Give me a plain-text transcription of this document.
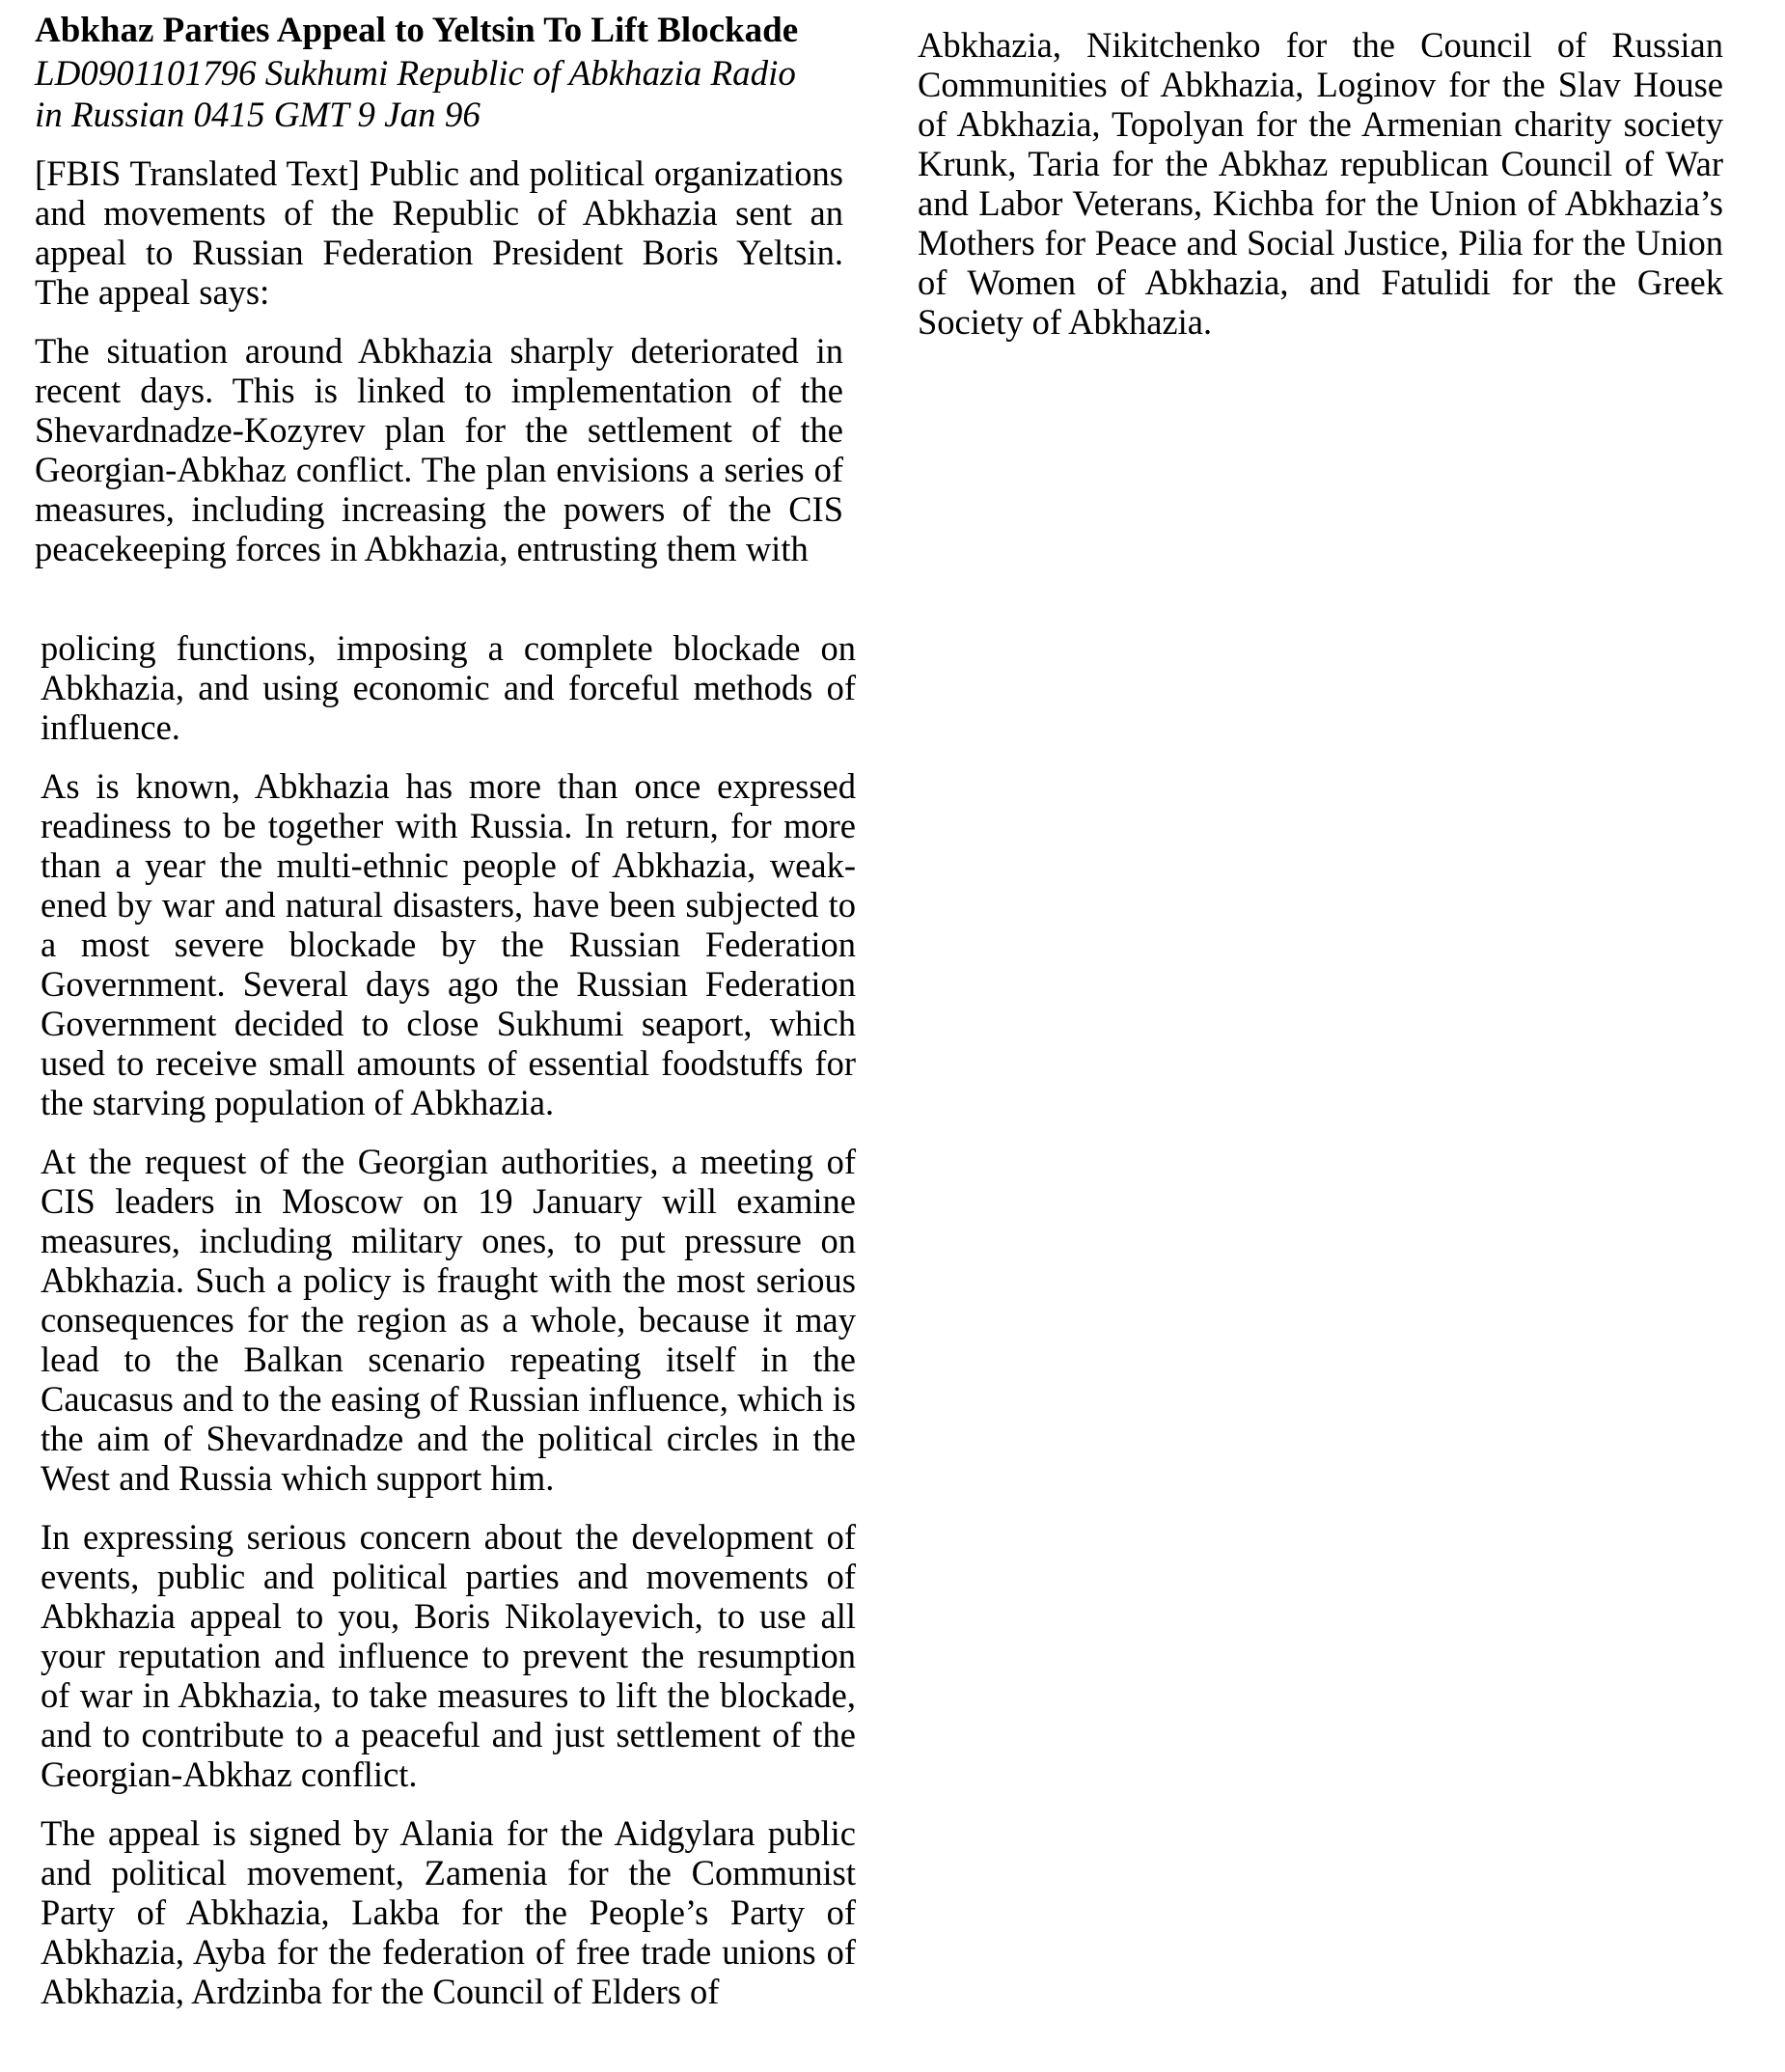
Abkhaz Parties Appeal to Yeltsin To Lift Blockade
LD0901101796 Sukhumi Republic of Abkhazia Radio
in Russian 0415 GMT 9 Jan 96

[FBIS Translated Text] Public and political organizations and movements of the Republic of Abkhazia sent an appeal to Russian Federation President Boris Yeltsin. The appeal says:

The situation around Abkhazia sharply deteriorated in recent days. This is linked to implementation of the Shevardnadze-Kozyrev plan for the settlement of the Georgian-Abkhaz conflict. The plan envisions a series of measures, including increasing the powers of the CIS peacekeeping forces in Abkhazia, entrusting them with

policing functions, imposing a complete blockade on Abkhazia, and using economic and forceful methods of influence.

As is known, Abkhazia has more than once expressed readiness to be together with Russia. In return, for more than a year the multi-ethnic people of Abkhazia, weakened by war and natural disasters, have been subjected to a most severe blockade by the Russian Federation Government. Several days ago the Russian Federation Government decided to close Sukhumi seaport, which used to receive small amounts of essential foodstuffs for the starving population of Abkhazia.

At the request of the Georgian authorities, a meeting of CIS leaders in Moscow on 19 January will examine measures, including military ones, to put pressure on Abkhazia. Such a policy is fraught with the most serious consequences for the region as a whole, because it may lead to the Balkan scenario repeating itself in the Caucasus and to the easing of Russian influence, which is the aim of Shevardnadze and the political circles in the West and Russia which support him.

In expressing serious concern about the development of events, public and political parties and movements of Abkhazia appeal to you, Boris Nikolayevich, to use all your reputation and influence to prevent the resumption of war in Abkhazia, to take measures to lift the blockade, and to contribute to a peaceful and just settlement of the Georgian-Abkhaz conflict.

The appeal is signed by Alania for the Aidgylara public and political movement, Zamenia for the Communist Party of Abkhazia, Lakba for the People’s Party of Abkhazia, Ayba for the federation of free trade unions of Abkhazia, Ardzinba for the Council of Elders of

Abkhazia, Nikitchenko for the Council of Russian Communities of Abkhazia, Loginov for the Slav House of Abkhazia, Topolyan for the Armenian charity society Krunk, Taria for the Abkhaz republican Council of War and Labor Veterans, Kichba for the Union of Abkhazia’s Mothers for Peace and Social Justice, Pilia for the Union of Women of Abkhazia, and Fatulidi for the Greek Society of Abkhazia.
